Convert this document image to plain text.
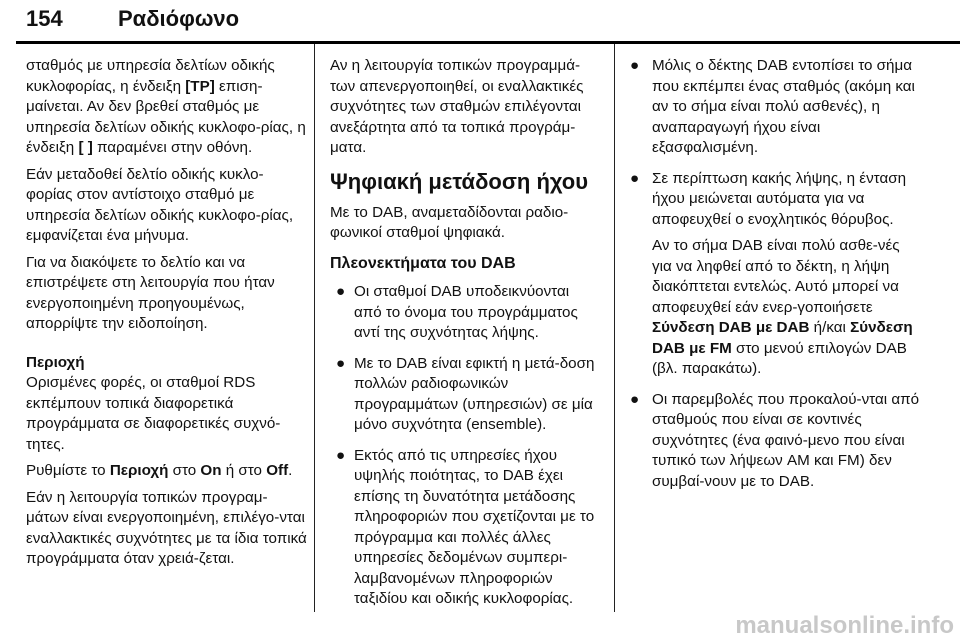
154	Ραδιόφωνο

σταθμός με υπηρεσία δελτίων οδικής κυκλοφορίας, η ένδειξη [TP] επιση-μαίνεται. Αν δεν βρεθεί σταθμός με υπηρεσία δελτίων οδικής κυκλοφο-ρίας, η ένδειξη [ ] παραμένει στην οθόνη.

Εάν μεταδοθεί δελτίο οδικής κυκλο-φορίας στον αντίστοιχο σταθμό με υπηρεσία δελτίων οδικής κυκλοφο-ρίας, εμφανίζεται ένα μήνυμα.

Για να διακόψετε το δελτίο και να επιστρέψετε στη λειτουργία που ήταν ενεργοποιημένη προηγουμένως, απορρίψτε την ειδοποίηση.

Περιοχή

Ορισμένες φορές, οι σταθμοί RDS εκπέμπουν τοπικά διαφορετικά προγράμματα σε διαφορετικές συχνό-τητες.

Ρυθμίστε το Περιοχή στο On ή στο Off.

Εάν η λειτουργία τοπικών προγραμ-μάτων είναι ενεργοποιημένη, επιλέγο-νται εναλλακτικές συχνότητες με τα ίδια τοπικά προγράμματα όταν χρειά-ζεται.

Αν η λειτουργία τοπικών προγραμμά-των απενεργοποιηθεί, οι εναλλακτικές συχνότητες των σταθμών επιλέγονται ανεξάρτητα από τα τοπικά προγράμ-ματα.

Ψηφιακή μετάδοση ήχου

Με το DAB, αναμεταδίδονται ραδιο-φωνικοί σταθμοί ψηφιακά.

Πλεονεκτήματα του DAB
● Οι σταθμοί DAB υποδεικνύονται από το όνομα του προγράμματος αντί της συχνότητας λήψης.
● Με το DAB είναι εφικτή η μετά-δοση πολλών ραδιοφωνικών προγραμμάτων (υπηρεσιών) σε μία μόνο συχνότητα (ensemble).
● Εκτός από τις υπηρεσίες ήχου υψηλής ποιότητας, το DAB έχει επίσης τη δυνατότητα μετάδοσης πληροφοριών που σχετίζονται με το πρόγραμμα και πολλές άλλες υπηρεσίες δεδομένων συμπερι-λαμβανομένων πληροφοριών ταξιδίου και οδικής κυκλοφορίας.
● Μόλις ο δέκτης DAB εντοπίσει το σήμα που εκπέμπει ένας σταθμός (ακόμη και αν το σήμα είναι πολύ ασθενές), η αναπαραγωγή ήχου είναι εξασφαλισμένη.
● Σε περίπτωση κακής λήψης, η ένταση ήχου μειώνεται αυτόματα για να αποφευχθεί ο ενοχλητικός θόρυβος.

Αν το σήμα DAB είναι πολύ ασθε-νές για να ληφθεί από το δέκτη, η λήψη διακόπτεται εντελώς. Αυτό μπορεί να αποφευχθεί εάν ενερ-γοποιήσετε Σύνδεση DAB με DAB ή/και Σύνδεση DAB με FM στο μενού επιλογών DAB (βλ. παρακάτω).

● Οι παρεμβολές που προκαλού-νται από σταθμούς που είναι σε κοντινές συχνότητες (ένα φαινό-μενο που είναι τυπικό των λήψεων AM και FM) δεν συμβαί-νουν με το DAB.
manualsonline.info
